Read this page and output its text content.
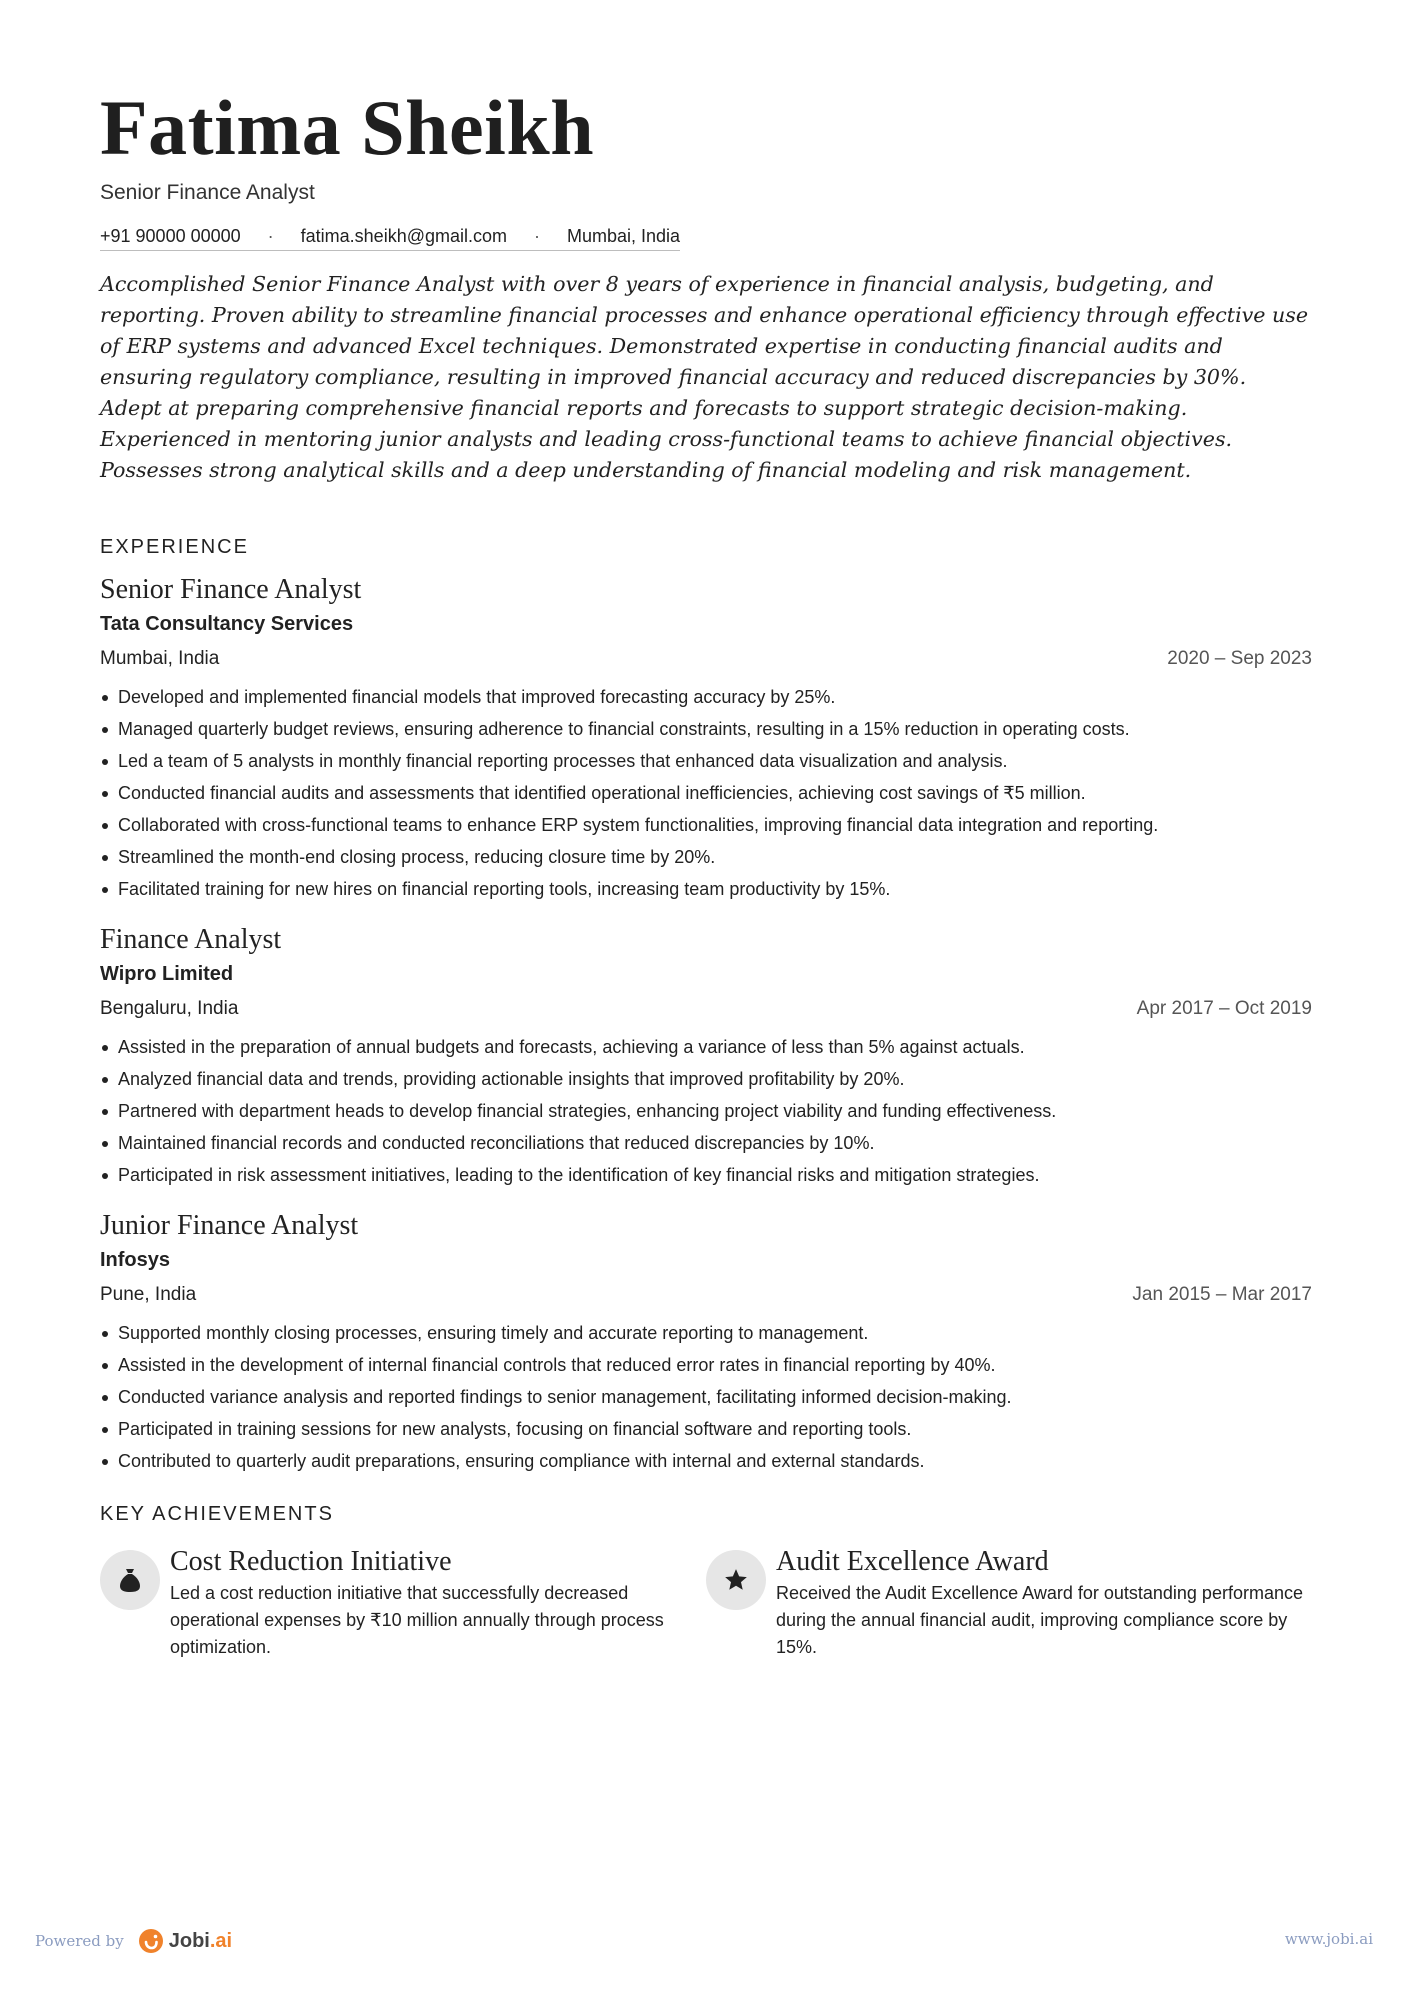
Fatima Sheikh
Senior Finance Analyst
+91 90000 00000 · fatima.sheikh@gmail.com · Mumbai, India

Accomplished Senior Finance Analyst with over 8 years of experience in financial analysis, budgeting, and reporting. Proven ability to streamline financial processes and enhance operational efficiency through effective use of ERP systems and advanced Excel techniques. Demonstrated expertise in conducting financial audits and ensuring regulatory compliance, resulting in improved financial accuracy and reduced discrepancies by 30%. Adept at preparing comprehensive financial reports and forecasts to support strategic decision-making. Experienced in mentoring junior analysts and leading cross-functional teams to achieve financial objectives. Possesses strong analytical skills and a deep understanding of financial modeling and risk management.

EXPERIENCE
Senior Finance Analyst
Tata Consultancy Services
Mumbai, India	2020 – Sep 2023
Developed and implemented financial models that improved forecasting accuracy by 25%.
Managed quarterly budget reviews, ensuring adherence to financial constraints, resulting in a 15% reduction in operating costs.
Led a team of 5 analysts in monthly financial reporting processes that enhanced data visualization and analysis.
Conducted financial audits and assessments that identified operational inefficiencies, achieving cost savings of ₹5 million.
Collaborated with cross-functional teams to enhance ERP system functionalities, improving financial data integration and reporting.
Streamlined the month-end closing process, reducing closure time by 20%.
Facilitated training for new hires on financial reporting tools, increasing team productivity by 15%.
Finance Analyst
Wipro Limited
Bengaluru, India	Apr 2017 – Oct 2019
Assisted in the preparation of annual budgets and forecasts, achieving a variance of less than 5% against actuals.
Analyzed financial data and trends, providing actionable insights that improved profitability by 20%.
Partnered with department heads to develop financial strategies, enhancing project viability and funding effectiveness.
Maintained financial records and conducted reconciliations that reduced discrepancies by 10%.
Participated in risk assessment initiatives, leading to the identification of key financial risks and mitigation strategies.
Junior Finance Analyst
Infosys
Pune, India	Jan 2015 – Mar 2017
Supported monthly closing processes, ensuring timely and accurate reporting to management.
Assisted in the development of internal financial controls that reduced error rates in financial reporting by 40%.
Conducted variance analysis and reported findings to senior management, facilitating informed decision-making.
Participated in training sessions for new analysts, focusing on financial software and reporting tools.
Contributed to quarterly audit preparations, ensuring compliance with internal and external standards.
KEY ACHIEVEMENTS
Cost Reduction Initiative
Led a cost reduction initiative that successfully decreased operational expenses by ₹10 million annually through process optimization.
Audit Excellence Award
Received the Audit Excellence Award for outstanding performance during the annual financial audit, improving compliance score by 15%.
Powered by Jobi .ai	www.jobi.ai
